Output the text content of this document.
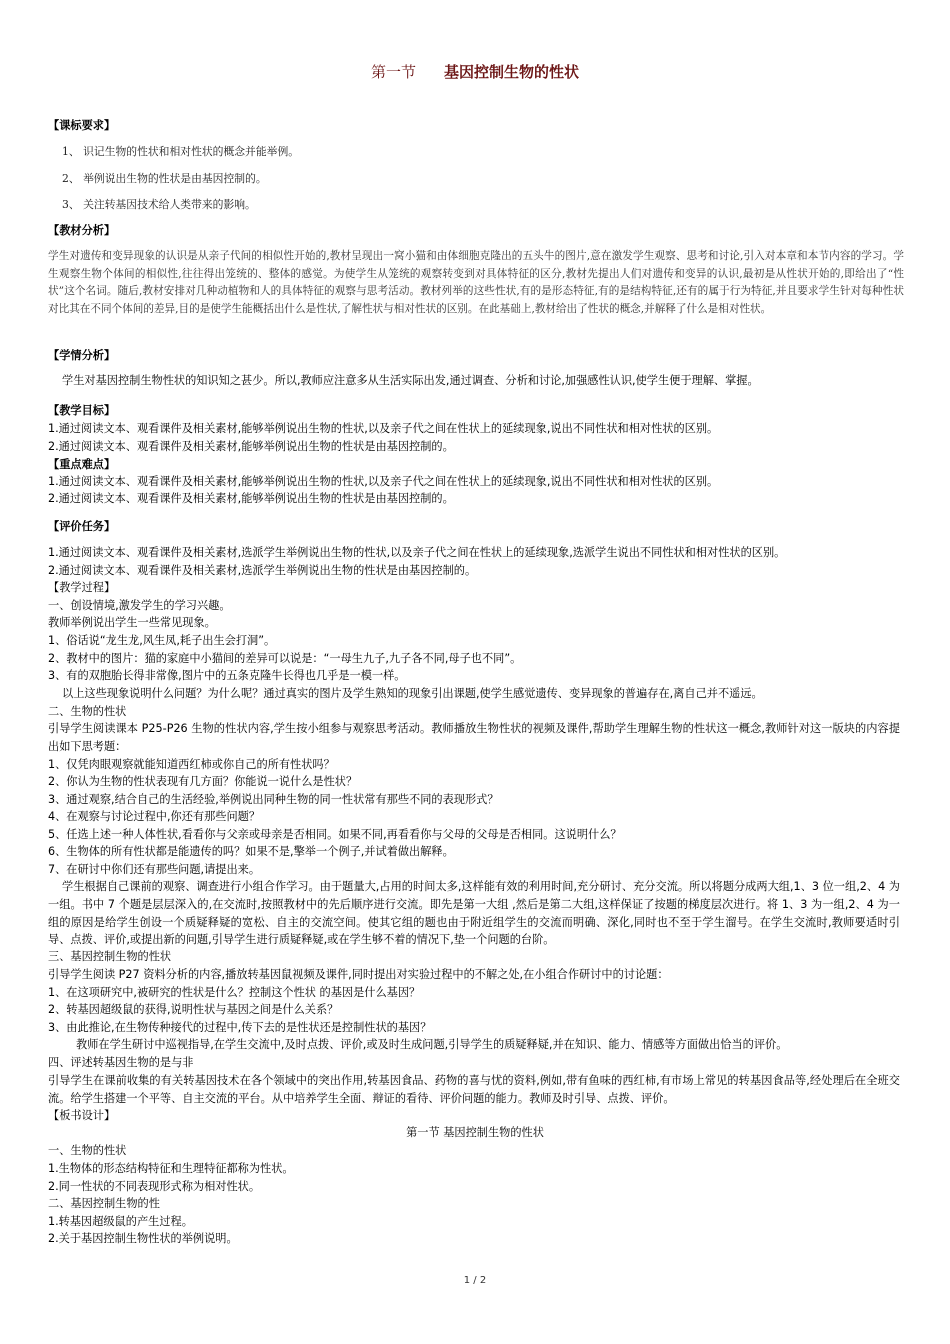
第一节 基因控制生物的性状
【课标要求】
1、 识记生物的性状和相对性状的概念并能举例。
2、 举例说出生物的性状是由基因控制的。
3、 关注转基因技术给人类带来的影响。
【教材分析】
学生对遗传和变异现象的认识是从亲子代间的相似性开始的,教材呈现出一窝小猫和由体细胞克隆出的五头牛的图片,意在激发学生观察、思考和讨论,引入对本章和本节内容的学习。学生观察生物个体间的相似性,往往得出笼统的、整体的感觉。为使学生从笼统的观察转变到对具体特征的区分,教材先提出人们对遗传和变异的认识,最初是从性状开始的,即给出了“性状”这个名词。随后,教材安排对几种动植物和人的具体特征的观察与思考活动。教材列举的这些性状,有的是形态特征,有的是结构特征,还有的属于行为特征,并且要求学生针对每种性状对比其在不同个体间的差异,目的是使学生能概括出什么是性状,了解性状与相对性状的区别。在此基础上,教材给出了性状的概念,并解释了什么是相对性状。
【学情分析】
学生对基因控制生物性状的知识知之甚少。所以,教师应注意多从生活实际出发,通过调查、分析和讨论,加强感性认识,使学生便于理解、掌握。
【教学目标】
1.通过阅读文本、观看课件及相关素材,能够举例说出生物的性状,以及亲子代之间在性状上的延续现象,说出不同性状和相对性状的区别。
2.通过阅读文本、观看课件及相关素材,能够举例说出生物的性状是由基因控制的。
【重点难点】
1.通过阅读文本、观看课件及相关素材,能够举例说出生物的性状,以及亲子代之间在性状上的延续现象,说出不同性状和相对性状的区别。
2.通过阅读文本、观看课件及相关素材,能够举例说出生物的性状是由基因控制的。
【评价任务】
1.通过阅读文本、观看课件及相关素材,选派学生举例说出生物的性状,以及亲子代之间在性状上的延续现象,选派学生说出不同性状和相对性状的区别。
2.通过阅读文本、观看课件及相关素材,选派学生举例说出生物的性状是由基因控制的。
【教学过程】
一、创设情境,激发学生的学习兴趣。
教师举例说出学生一些常见现象。
1、俗话说“龙生龙,风生凤,耗子出生会打洞”。
2、教材中的图片：猫的家庭中小猫间的差异可以说是：“一母生九子,九子各不同,母子也不同”。
3、有的双胞胎长得非常像,图片中的五条克隆牛长得也几乎是一模一样。
以上这些现象说明什么问题？为什么呢？通过真实的图片及学生熟知的现象引出课题,使学生感觉遗传、变异现象的普遍存在,离自己并不遥远。
二、生物的性状
引导学生阅读课本 P25-P26 生物的性状内容,学生按小组参与观察思考活动。教师播放生物性状的视频及课件,帮助学生理解生物的性状这一概念,教师针对这一版块的内容提出如下思考题：
1、仅凭肉眼观察就能知道西红柿或你自己的所有性状吗？
2、你认为生物的性状表现有几方面？你能说一说什么是性状？
3、通过观察,结合自己的生活经验,举例说出同种生物的同一性状常有那些不同的表现形式？
4、在观察与讨论过程中,你还有那些问题？
5、任选上述一种人体性状,看看你与父亲或母亲是否相同。如果不同,再看看你与父母的父母是否相同。这说明什么？
6、生物体的所有性状都是能遗传的吗？如果不是,擎举一个例子,并试着做出解释。
7、在研讨中你们还有那些问题,请提出来。
学生根据自己课前的观察、调查进行小组合作学习。由于题量大,占用的时间太多,这样能有效的利用时间,充分研讨、充分交流。所以将题分成两大组,1、3 位一组,2、4 为一组。书中 7 个题是层层深入的,在交流时,按照教材中的先后顺序进行交流。即先是第一大组 ,然后是第二大组,这样保证了按题的梯度层次进行。将 1、3 为一组,2、4 为一组的原因是给学生创设一个质疑释疑的宽松、自主的交流空间。使其它组的题也由于附近组学生的交流而明确、深化,同时也不至于学生溜号。在学生交流时,教师要适时引导、点拨、评价,或提出新的问题,引导学生进行质疑释疑,或在学生够不着的情况下,垫一个问题的台阶。
三、基因控制生物的性状
引导学生阅读 P27 资料分析的内容,播放转基因鼠视频及课件,同时提出对实验过程中的不解之处,在小组合作研讨中的讨论题：
1、在这项研究中,被研究的性状是什么？控制这个性状 的基因是什么基因？
2、转基因超级鼠的获得,说明性状与基因之间是什么关系？
3、由此推论,在生物传种接代的过程中,传下去的是性状还是控制性状的基因？
教师在学生研讨中巡视指导,在学生交流中,及时点拨、评价,或及时生成问题,引导学生的质疑释疑,并在知识、能力、情感等方面做出恰当的评价。
四、评述转基因生物的是与非
引导学生在课前收集的有关转基因技术在各个领域中的突出作用,转基因食品、药物的喜与忧的资料,例如,带有鱼味的西红柿,有市场上常见的转基因食品等,经处理后在全班交流。给学生搭建一个平等、自主交流的平台。从中培养学生全面、辩证的看待、评价问题的能力。教师及时引导、点拨、评价。
【板书设计】
第一节 基因控制生物的性状
一、生物的性状
1.生物体的形态结构特征和生理特征都称为性状。
2.同一性状的不同表现形式称为相对性状。
二、基因控制生物的性
1.转基因超级鼠的产生过程。
2.关于基因控制生物性状的举例说明。
1 / 2
